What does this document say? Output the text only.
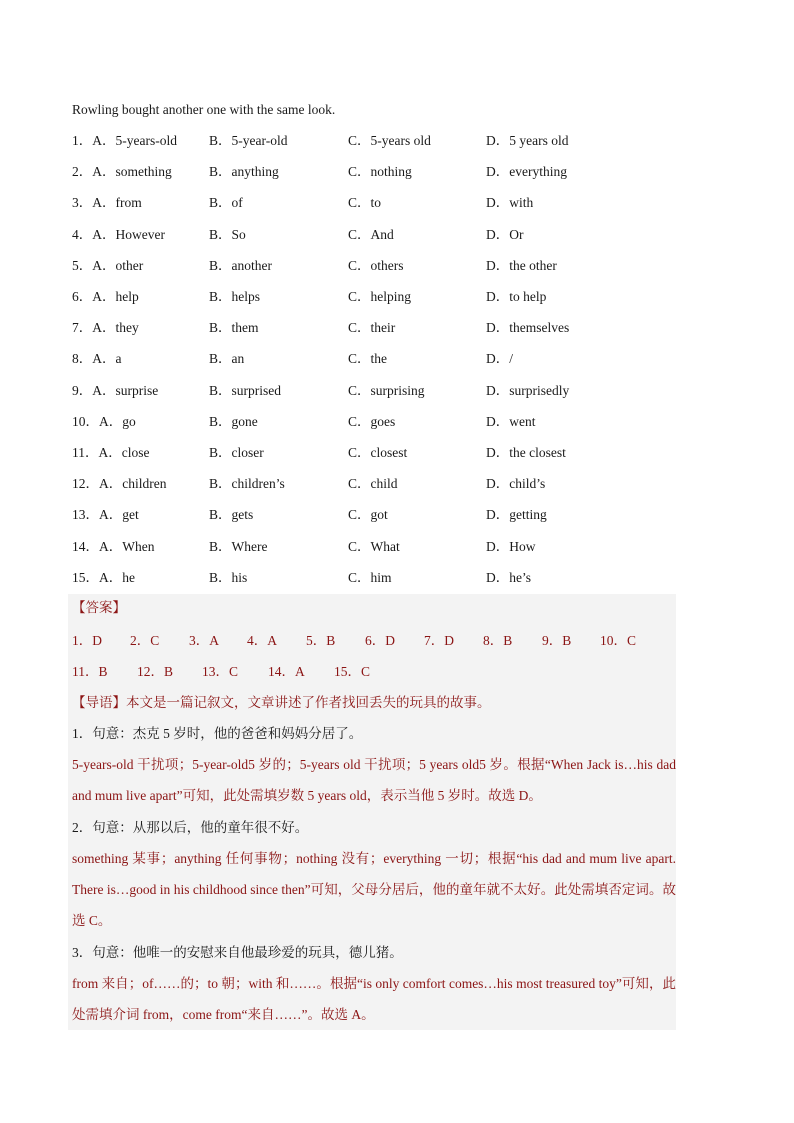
Rowling bought another one with the same look.
1．A．5-years-old B．5-year-old	C．5-years old	D．5 years old
2．A．something	B．anything	C．nothing	D．everything
3．A．from	B．of	C．to	D．with
4．A．However	B．So	C．And	D．Or
5．A．other	B．another	C．others	D．the other
6．A．help	B．helps	C．helping	D．to help
7．A．they	B．them	C．their	D．themselves
8．A．a	B．an	C．the	D．/
9．A．surprise	B．surprised	C．surprising	D．surprisedly
10．A．go	B．gone	C．goes	D．went
11．A．close	B．closer	C．closest	D．the closest
12．A．children	B．children’s	C．child	D．child’s
13．A．get	B．gets	C．got	D．getting
14．A．When	B．Where	C．What	D．How
15．A．he	B．his	C．him	D．he’s
【答案】
1．D 2．C 3．A 4．A 5．B 6．D 7．D 8．B 9．B 10．C
11．B 12．B 13．C 14．A 15．C
【导语】本文是一篇记叙文，文章讲述了作者找回丢失的玩具的故事。
1．句意：杰克 5 岁时，他的爸爸和妈妈分居了。
5-years-old 干扰项；5-year-old5 岁的；5-years old 干扰项；5 years old5 岁。根据“When Jack is…his dad and mum live apart”可知，此处需填岁数 5 years old，表示当他 5 岁时。故选 D。
2．句意：从那以后，他的童年很不好。
something 某事；anything 任何事物；nothing 没有；everything 一切；根据“his dad and mum live apart. There is…good in his childhood since then”可知，父母分居后，他的童年就不太好。此处需填否定词。故选 C。
3．句意：他唯一的安慰来自他最珍爱的玩具，德儿猪。
from 来自；of……的；to 朝；with 和……。根据“is only comfort comes…his most treasured toy”可知，此处需填介词 from，come from“来自……”。故选 A。
